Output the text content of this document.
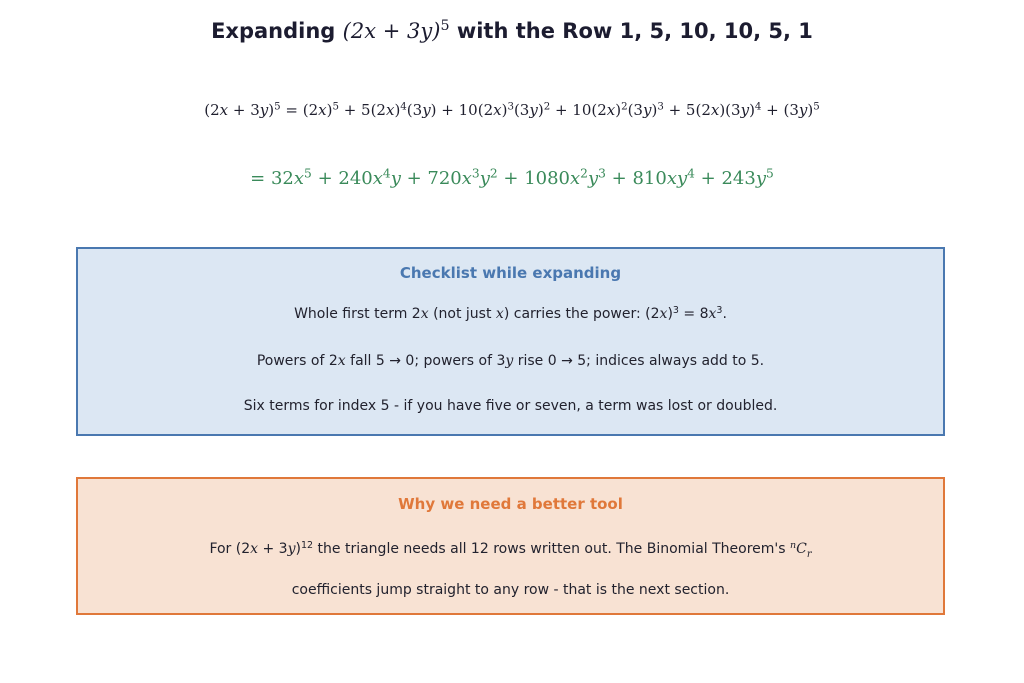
Expanding $(2x + 3y)^5$ with the Row 1, 5, 10, 10, 5, 1
$(2x + 3y)^5 = (2x)^5 + 5(2x)^4(3y) + 10(2x)^3(3y)^2 + 10(2x)^2(3y)^3 + 5(2x)(3y)^4 + (3y)^5$
= $32x^5 + 240x^4y + 720x^3y^2 + 1080x^2y^3 + 810xy^4 + 243y^5$
Checklist while expanding
Whole first term 2x (not just x) carries the power: $(2x)^3 = 8x^3$.
Powers of 2x fall 5 → 0; powers of 3y rise 0 → 5; indices always add to 5.
Six terms for index 5 - if you have five or seven, a term was lost or doubled.
Why we need a better tool
For $(2x + 3y)^{12}$ the triangle needs all 12 rows written out. The Binomial Theorem's $^nC_r$
coefficients jump straight to any row - that is the next section.
